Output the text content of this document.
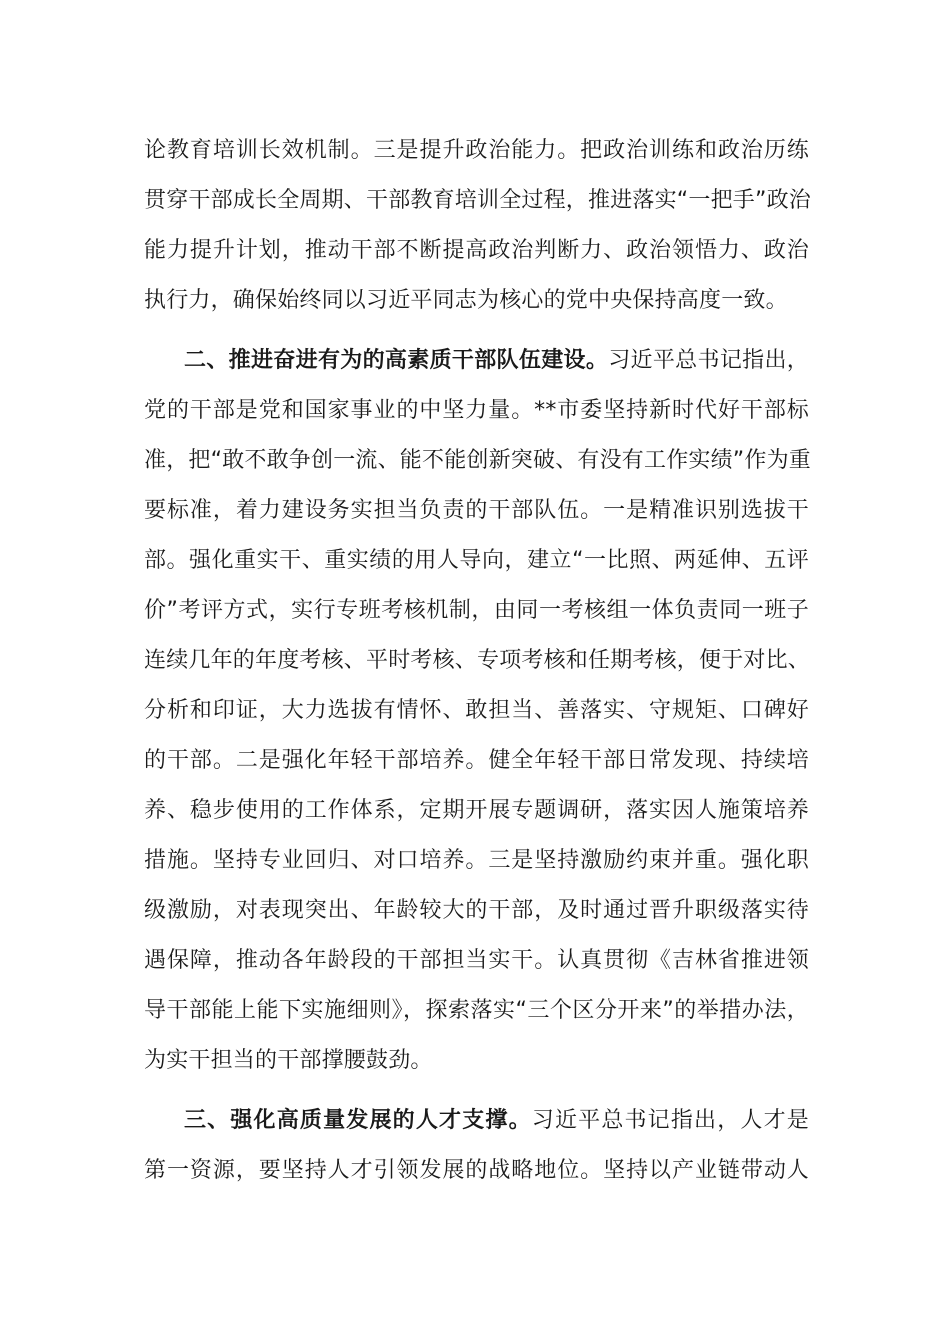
论教育培训长效机制。三是提升政治能力。把政治训练和政治历练
贯穿干部成长全周期、干部教育培训全过程，推进落实“一把手”政治
能力提升计划，推动干部不断提高政治判断力、政治领悟力、政治
执行力，确保始终同以习近平同志为核心的党中央保持高度一致。
二、推进奋进有为的高素质干部队伍建设。习近平总书记指出，
党的干部是党和国家事业的中坚力量。**市委坚持新时代好干部标
准，把“敢不敢争创一流、能不能创新突破、有没有工作实绩”作为重
要标准，着力建设务实担当负责的干部队伍。一是精准识别选拔干
部。强化重实干、重实绩的用人导向，建立“一比照、两延伸、五评
价”考评方式，实行专班考核机制，由同一考核组一体负责同一班子
连续几年的年度考核、平时考核、专项考核和任期考核，便于对比、
分析和印证，大力选拔有情怀、敢担当、善落实、守规矩、口碑好
的干部。二是强化年轻干部培养。健全年轻干部日常发现、持续培
养、稳步使用的工作体系，定期开展专题调研，落实因人施策培养
措施。坚持专业回归、对口培养。三是坚持激励约束并重。强化职
级激励，对表现突出、年龄较大的干部，及时通过晋升职级落实待
遇保障，推动各年龄段的干部担当实干。认真贯彻《吉林省推进领
导干部能上能下实施细则》，探索落实“三个区分开来”的举措办法，
为实干担当的干部撑腰鼓劲。
三、强化高质量发展的人才支撑。习近平总书记指出，人才是
第一资源，要坚持人才引领发展的战略地位。坚持以产业链带动人
